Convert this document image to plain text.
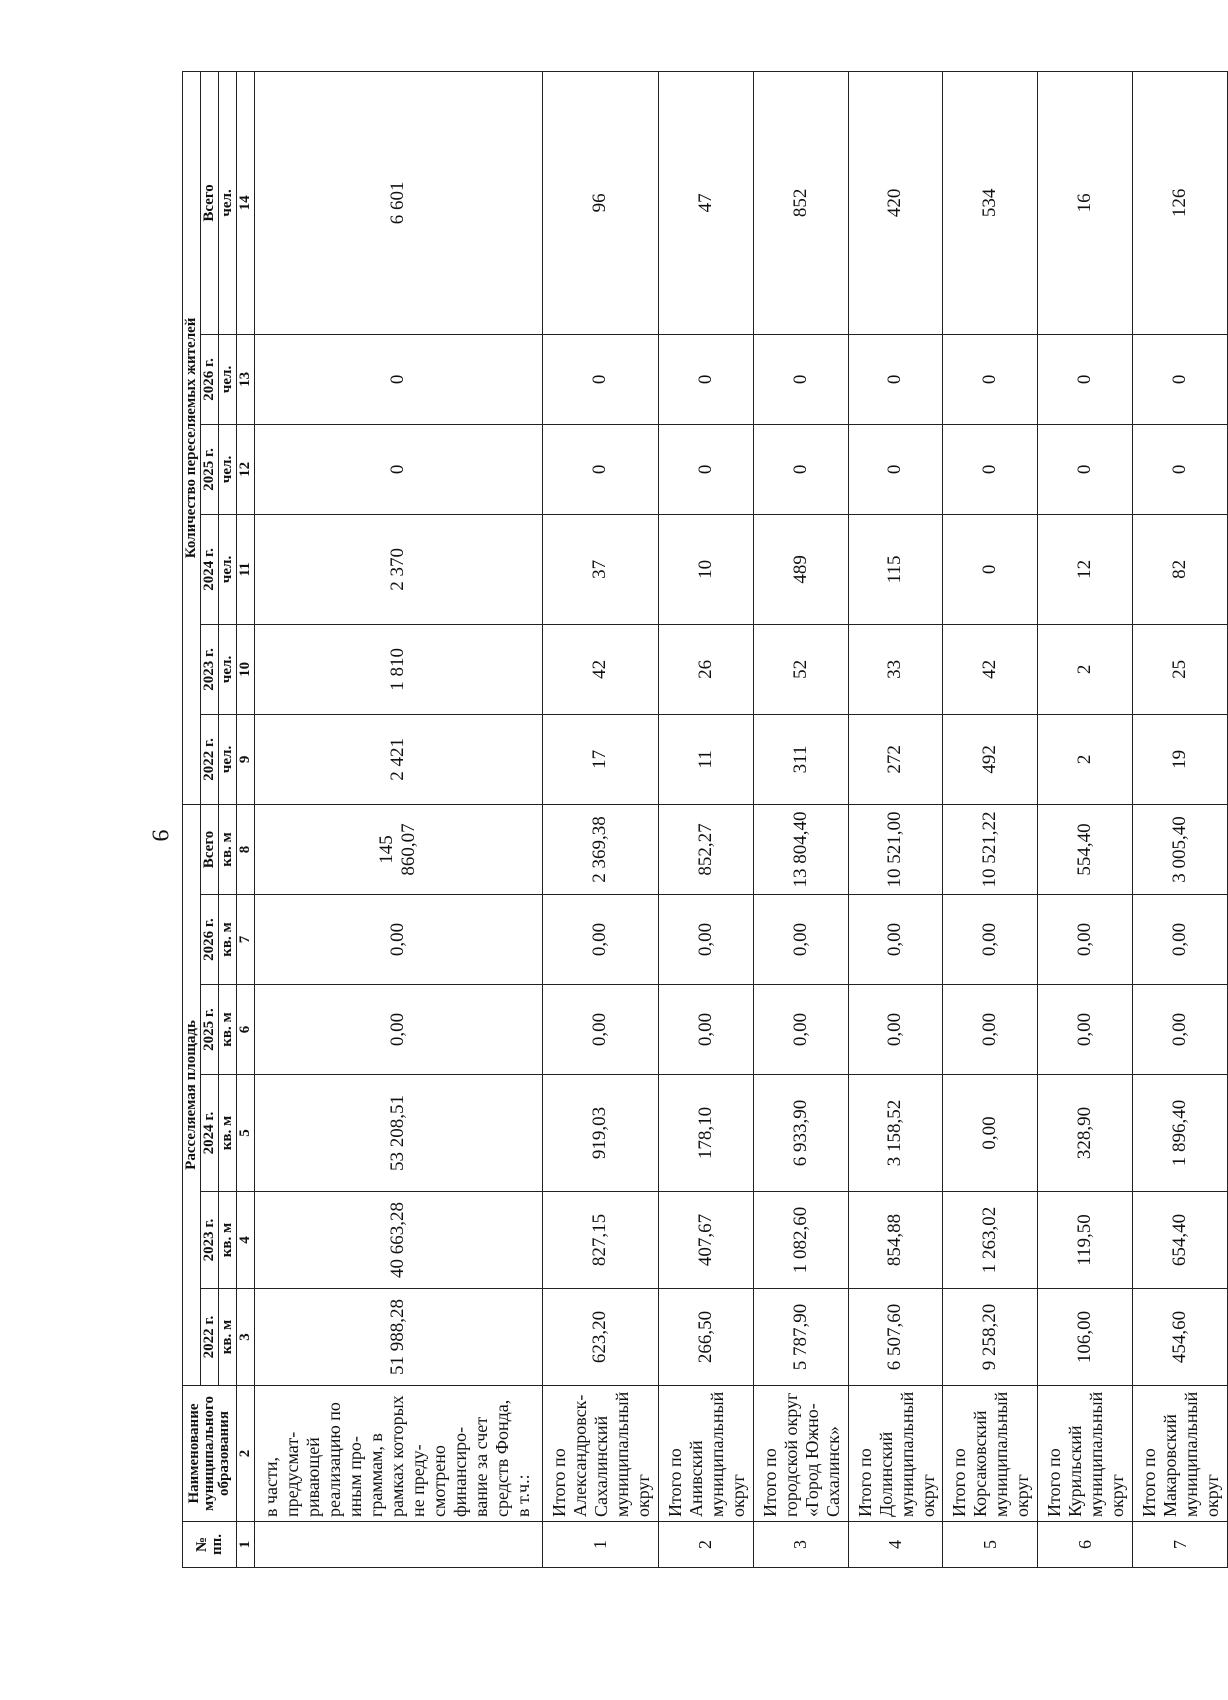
9
№ пп.	Наименование муниципального образования	Расселяемая площадь						Количество переселяемых жителей					
		2022 г.	2023 г.	2024 г.	2025 г.	2026 г.	Всего	2022 г.	2023 г.	2024 г.	2025 г.	2026 г.	Всего
		кв. м	кв. м	кв. м	кв. м	кв. м	кв. м	чел.	чел.	чел.	чел.	чел.	чел.
1	2	3	4	5	6	7	8	9	10	11	12	13	14
	в части, предусматривающей реализацию по иным программам, в рамках которых не предусмотрено финансирование за счет средств Фонда, в т.ч.:	51 988,28	40 663,28	53 208,51	0,00	0,00	145 860,07	2 421	1 810	2 370	0	0	6 601
1	Итого по Александровск-Сахалинский муниципальный округ	623,20	827,15	919,03	0,00	0,00	2 369,38	17	42	37	0	0	96
2	Итого по Анивский муниципальный округ	266,50	407,67	178,10	0,00	0,00	852,27	11	26	10	0	0	47
3	Итого по городской округ «Город Южно-Сахалинск»	5 787,90	1 082,60	6 933,90	0,00	0,00	13 804,40	311	52	489	0	0	852
4	Итого по Долинский муниципальный округ	6 507,60	854,88	3 158,52	0,00	0,00	10 521,00	272	33	115	0	0	420
5	Итого по Корсаковский муниципальный округ	9 258,20	1 263,02	0,00	0,00	0,00	10 521,22	492	42	0	0	0	534
6	Итого по Курильский муниципальный округ	106,00	119,50	328,90	0,00	0,00	554,40	2	2	12	0	0	16
7	Итого по Макаровский муниципальный округ	454,60	654,40	1 896,40	0,00	0,00	3 005,40	19	25	82	0	0	126
